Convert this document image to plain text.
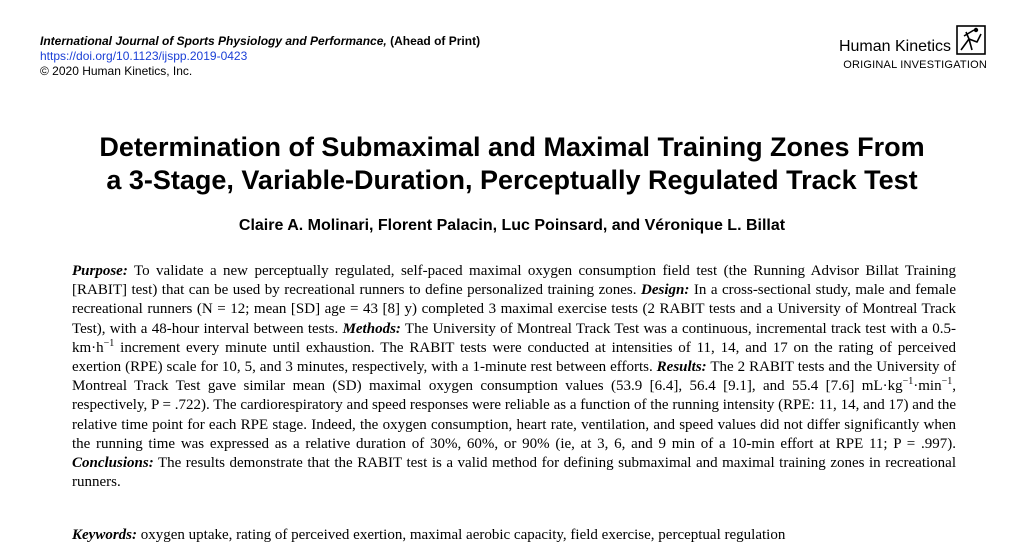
International Journal of Sports Physiology and Performance, (Ahead of Print)
https://doi.org/10.1123/ijspp.2019-0423
© 2020 Human Kinetics, Inc.
Human Kinetics
ORIGINAL INVESTIGATION
Determination of Submaximal and Maximal Training Zones From
a 3-Stage, Variable-Duration, Perceptually Regulated Track Test
Claire A. Molinari, Florent Palacin, Luc Poinsard, and Véronique L. Billat
Purpose: To validate a new perceptually regulated, self-paced maximal oxygen consumption field test (the Running Advisor Billat Training [RABIT] test) that can be used by recreational runners to define personalized training zones. Design: In a cross-sectional study, male and female recreational runners (N = 12; mean [SD] age = 43 [8] y) completed 3 maximal exercise tests (2 RABIT tests and a University of Montreal Track Test), with a 48-hour interval between tests. Methods: The University of Montreal Track Test was a continuous, incremental track test with a $0.5-km\cdot h^{-1}$ increment every minute until exhaustion. The RABIT tests were conducted at intensities of 11, 14, and 17 on the rating of perceived exertion (RPE) scale for 10, 5, and 3 minutes, respectively, with a 1-minute rest between efforts. Results: The 2 RABIT tests and the University of Montreal Track Test gave similar mean (SD) maximal oxygen consumption values (53.9 [6.4], 56.4 [9.1], and 55.4 [7.6] $mL\cdot kg^{-1}\cdot\min^{-1}$, respectively, P = .722). The cardiorespiratory and speed responses were reliable as a function of the running intensity (RPE: 11, 14, and 17) and the relative time point for each RPE stage. Indeed, the oxygen consumption, heart rate, ventilation, and speed values did not differ significantly when the running time was expressed as a relative duration of 30%, 60%, or 90% (ie, at 3, 6, and 9 min of a 10-min effort at RPE 11; P = .997). Conclusions: The results demonstrate that the RABIT test is a valid method for defining submaximal and maximal training zones in recreational runners.
Keywords: oxygen uptake, rating of perceived exertion, maximal aerobic capacity, field exercise, perceptual regulation
